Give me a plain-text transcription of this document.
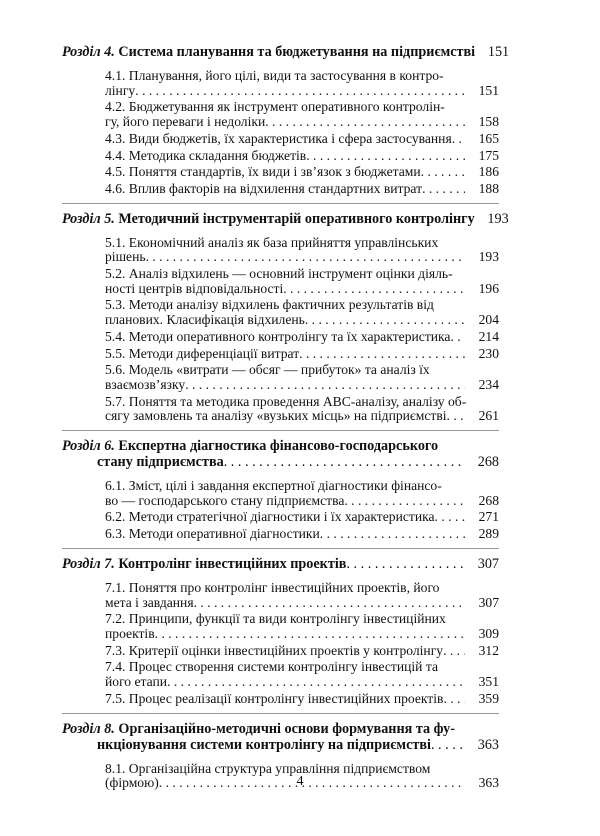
Розділ 4. Система планування та бюджетування на підприємстві 151
4.1. Планування, його цілі, види та застосування в контро-
лінгу . . .	151
4.2. Бюджетування як інструмент оперативного контролін-
гу, його переваги і недоліки . . .	158
4.3. Види бюджетів, їх характеристика і сфера застосування . . .	165
4.4. Методика складання бюджетів . . .	175
4.5. Поняття стандартів, їх види і зв’язок з бюджетами . . .	186
4.6. Вплив факторів на відхилення стандартних витрат . . .	188
Розділ 5. Методичний інструментарій оперативного контролінгу 193
5.1. Економічний аналіз як база прийняття управлінських
рішень . . .	193
5.2. Аналіз відхилень — основний інструмент оцінки діяль-
ності центрів відповідальності . . .	196
5.3. Методи аналізу відхилень фактичних результатів від
планових. Класифікація відхилень . . .	204
5.4. Методи оперативного контролінгу та їх характеристика . . .	214
5.5. Методи диференціації витрат . . .	230
5.6. Модель «витрати — обсяг — прибуток» та аналіз їх
взаємозв’язку . . .	234
5.7. Поняття та методика проведення АВС-аналізу, аналізу об-
сягу замовлень та аналізу «вузьких місць» на підприємстві . . .	261
Розділ 6. Експертна діагностика фінансово-господарського
стану підприємства . . .	268
6.1. Зміст, цілі і завдання експертної діагностики фінансо-
во — господарського стану підприємства . . .	268
6.2. Методи стратегічної діагностики і їх характеристика . . .	271
6.3. Методи оперативної діагностики . . .	289
Розділ 7. Контролінг інвестиційних проектів . . .	307
7.1. Поняття про контролінг інвестиційних проектів, його
мета і завдання . . .	307
7.2. Принципи, функції та види контролінгу інвестиційних
проектів . . .	309
7.3. Критерії оцінки інвестиційних проектів у контролінгу . . .	312
7.4. Процес створення системи контролінгу інвестицій та
його етапи . . .	351
7.5. Процес реалізації контролінгу інвестиційних проектів . . .	359
Розділ 8. Організаційно-методичні основи формування та фу-
нкціонування системи контролінгу на підприємстві . . .	363
8.1. Організаційна структура управління підприємством
(фірмою) . . .	363
4
